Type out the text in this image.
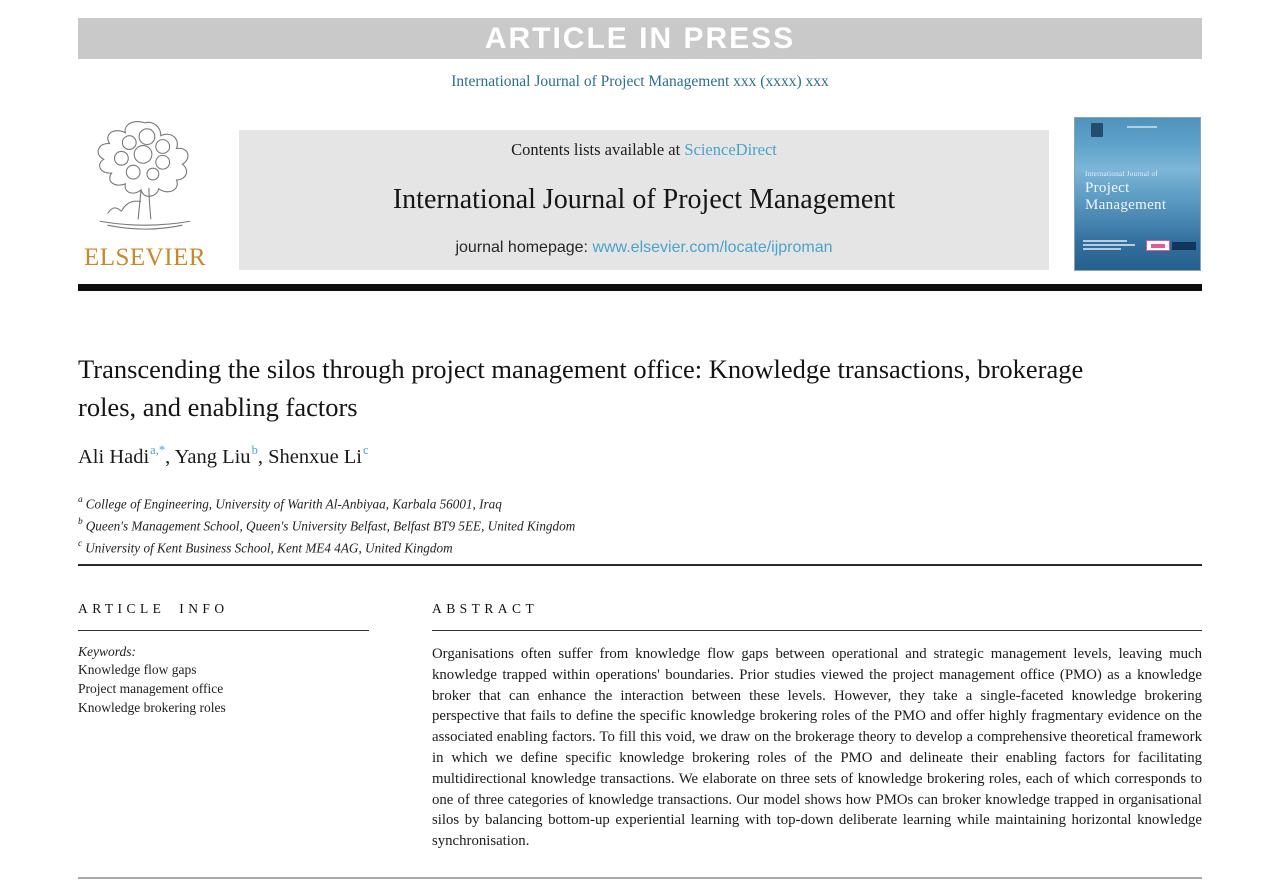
ARTICLE IN PRESS
International Journal of Project Management xxx (xxxx) xxx
ELSEVIER
Contents lists available at ScienceDirect
International Journal of Project Management
journal homepage: www.elsevier.com/locate/ijproman
International Journal of
Project
Management
Transcending the silos through project management office: Knowledge transactions, brokerage roles, and enabling factors
Ali Hadi$^{a,*}$, Yang Liu$^b$, Shenxue Li$^c$
$^a$ College of Engineering, University of Warith Al-Anbiyaa, Karbala 56001, Iraq
$^b$ Queen's Management School, Queen's University Belfast, Belfast BT9 5EE, United Kingdom
$^c$ University of Kent Business School, Kent ME4 4AG, United Kingdom
ARTICLE INFO
Keywords:
Knowledge flow gaps
Project management office
Knowledge brokering roles
ABSTRACT
Organisations often suffer from knowledge flow gaps between operational and strategic management levels, leaving much knowledge trapped within operations' boundaries. Prior studies viewed the project management office (PMO) as a knowledge broker that can enhance the interaction between these levels. However, they take a single-faceted knowledge brokering perspective that fails to define the specific knowledge brokering roles of the PMO and offer highly fragmentary evidence on the associated enabling factors. To fill this void, we draw on the brokerage theory to develop a comprehensive theoretical framework in which we define specific knowledge brokering roles of the PMO and delineate their enabling factors for facilitating multidirectional knowledge transactions. We elaborate on three sets of knowledge brokering roles, each of which corresponds to one of three categories of knowledge transactions. Our model shows how PMOs can broker knowledge trapped in organisational silos by balancing bottom-up experiential learning with top-down deliberate learning while maintaining horizontal knowledge synchronisation.
